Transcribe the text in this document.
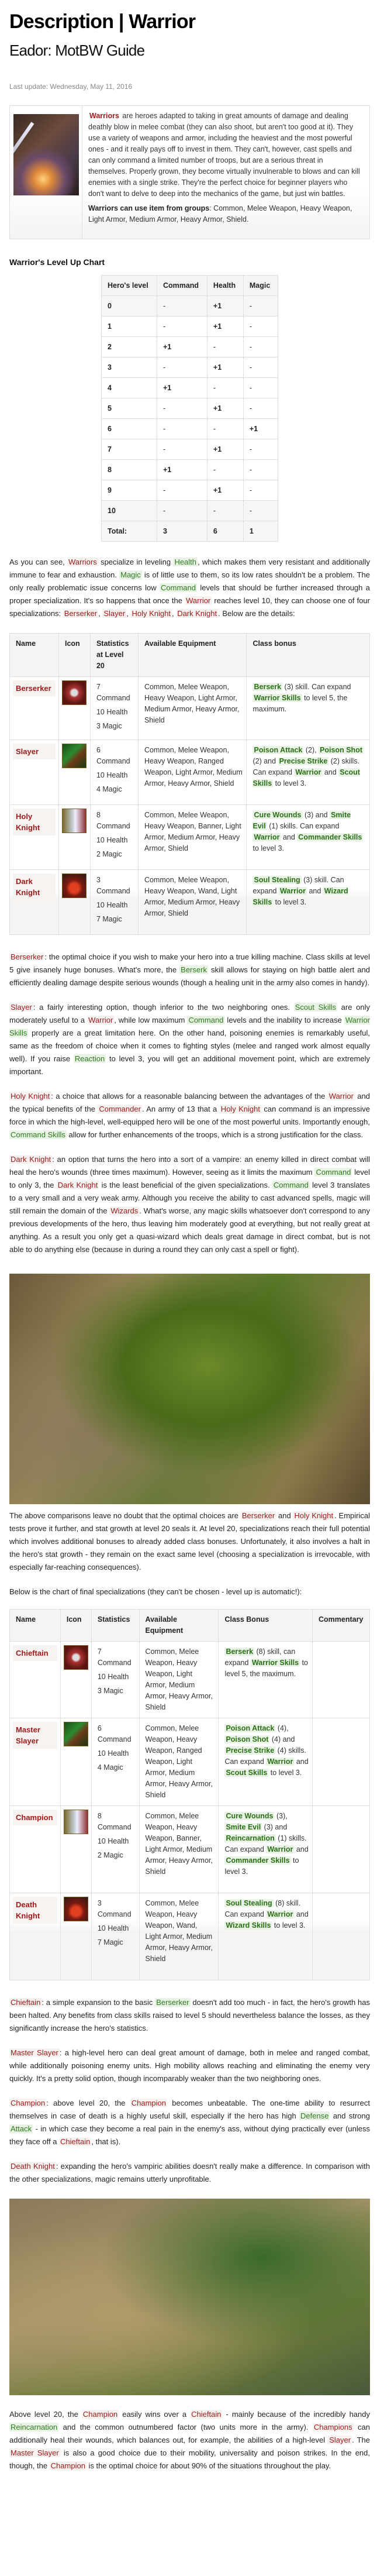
Description | Warrior
Eador: MotBW Guide
Last update: Wednesday, May 11, 2016

Warriors are heroes adapted to taking in great amounts of damage and dealing deathly blow in melee combat (they can also shoot, but aren't too good at it). They use a variety of weapons and armor, including the heaviest and the most powerful ones - and it really pays off to invest in them. They can't, however, cast spells and can only command a limited number of troops, but are a serious threat in themselves. Properly grown, they become virtually invulnerable to blows and can kill enemies with a single strike. They're the perfect choice for beginner players who don't want to delve to deep into the mechanics of the game, but just win battles.

Warriors can use item from groups: Common, Melee Weapon, Heavy Weapon, Light Armor, Medium Armor, Heavy Armor, Shield.

Warrior's Level Up Chart
Hero's level	Command	Health	Magic
0	-	+1	-
1	-	+1	-
2	+1	-	-
3	-	+1	-
4	+1	-	-
5	-	+1	-
6	-	-	+1
7	-	+1	-
8	+1	-	-
9	-	+1	-
10	-	-	-
Total:	3	6	1

As you can see, Warriors specialize in leveling Health , which makes them very resistant and additionally immune to fear and exhaustion. Magic is of little use to them, so its low rates shouldn't be a problem. The only really problematic issue concerns low Command levels that should be further increased through a proper specialization. It's so happens that once the Warrior reaches level 10, they can choose one of four specializations: Berserker , Slayer , Holy Knight , Dark Knight . Below are the details:

Name	Icon	Statistics at Level 20	Available Equipment	Class bonus

Berserker		7 Command
10 Health
3 Magic	Common, Melee Weapon, Heavy Weapon, Light Armor, Medium Armor, Heavy Armor, Shield	Berserk (3) skill. Can expand Warrior Skills to level 5, the maximum.

Slayer		6 Command
10 Health
4 Magic	Common, Melee Weapon, Heavy Weapon, Ranged Weapon, Light Armor, Medium Armor, Heavy Armor, Shield	Poison Attack (2), Poison Shot (2) and Precise Strike (2) skills. Can expand Warrior and Scout Skills to level 3.

Holy Knight		8 Command
10 Health
2 Magic	Common, Melee Weapon, Heavy Weapon, Banner, Light Armor, Medium Armor, Heavy Armor, Shield	Cure Wounds (3) and Smite Evil (1) skills. Can expand Warrior and Commander Skills to level 3.

Dark Knight		3 Command
10 Health
7 Magic	Common, Melee Weapon, Heavy Weapon, Wand, Light Armor, Medium Armor, Heavy Armor, Shield	Soul Stealing (3) skill. Can expand Warrior and Wizard Skills to level 3.

Berserker : the optimal choice if you wish to make your hero into a true killing machine. Class skills at level 5 give insanely huge bonuses. What's more, the Berserk skill allows for staying on high battle alert and efficiently dealing damage despite serious wounds (though a healing unit in the army also comes in handy).

Slayer : a fairly interesting option, though inferior to the two neighboring ones. Scout Skills are only moderately useful to a Warrior , while low maximum Command levels and the inability to increase Warrior Skills properly are a great limitation here. On the other hand, poisoning enemies is remarkably useful, same as the freedom of choice when it comes to fighting styles (melee and ranged work almost equally well). If you raise Reaction to level 3, you will get an additional movement point, which are extremely important.

Holy Knight : a choice that allows for a reasonable balancing between the advantages of the Warrior and the typical benefits of the Commander . An army of 13 that a Holy Knight can command is an impressive force in which the high-level, well-equipped hero will be one of the most powerful units. Importantly enough, Command Skills allow for further enhancements of the troops, which is a strong justification for the class.

Dark Knight : an option that turns the hero into a sort of a vampire: an enemy killed in direct combat will heal the hero's wounds (three times maximum). However, seeing as it limits the maximum Command level to only 3, the Dark Knight is the least beneficial of the given specializations. Command level 3 translates to a very small and a very weak army. Although you receive the ability to cast advanced spells, magic will still remain the domain of the Wizards . What's worse, any magic skills whatsoever don't correspond to any previous developments of the hero, thus leaving him moderately good at everything, but not really great at anything. As a result you only get a quasi-wizard which deals great damage in direct combat, but is not able to do anything else (because in during a round they can only cast a spell or fight).

The above comparisons leave no doubt that the optimal choices are Berserker and Holy Knight . Empirical tests prove it further, and stat growth at level 20 seals it. At level 20, specializations reach their full potential which involves additional bonuses to already added class bonuses. Unfortunately, it also involves a halt in the hero's stat growth - they remain on the exact same level (choosing a specialization is irrevocable, with especially far-reaching consequences).

Below is the chart of final specializations (they can't be chosen - level up is automatic!):

Name	Icon	Statistics	Available Equipment	Class Bonus	Commentary

Chieftain		7 Command
10 Health
3 Magic	Common, Melee Weapon, Heavy Weapon, Light Armor, Medium Armor, Heavy Armor, Shield	Berserk (8) skill, can expand Warrior Skills to level 5, the maximum.	

Master Slayer		6 Command
10 Health
4 Magic	Common, Melee Weapon, Heavy Weapon, Ranged Weapon, Light Armor, Medium Armor, Heavy Armor, Shield	Poison Attack (4), Poison Shot (4) and Precise Strike (4) skills. Can expand Warrior and Scout Skills to level 3.	

Champion		8 Command
10 Health
2 Magic	Common, Melee Weapon, Heavy Weapon, Banner, Light Armor, Medium Armor, Heavy Armor, Shield	Cure Wounds (3), Smite Evil (3) and Reincarnation (1) skills. Can expand Warrior and Commander Skills to level 3.	

Death Knight		3 Command
10 Health
7 Magic	Common, Melee Weapon, Heavy Weapon, Wand, Light Armor, Medium Armor, Heavy Armor, Shield	Soul Stealing (8) skill. Can expand Warrior and Wizard Skills to level 3.	

Chieftain : a simple expansion to the basic Berserker doesn't add too much - in fact, the hero's growth has been halted. Any benefits from class skills raised to level 5 should nevertheless balance the losses, as they significantly increase the hero's statistics.

Master Slayer : a high-level hero can deal great amount of damage, both in melee and ranged combat, while additionally poisoning enemy units. High mobility allows reaching and eliminating the enemy very quickly. It's a pretty solid option, though incomparably weaker than the two neighboring ones.

Champion : above level 20, the Champion becomes unbeatable. The one-time ability to resurrect themselves in case of death is a highly useful skill, especially if the hero has high Defense and strong Attack - in which case they become a real pain in the enemy's ass, without dying practically ever (unless they face off a Chieftain , that is).

Death Knight : expanding the hero's vampiric abilities doesn't really make a difference. In comparison with the other specializations, magic remains utterly unprofitable.

Above level 20, the Champion easily wins over a Chieftain - mainly because of the incredibly handy Reincarnation and the common outnumbered factor (two units more in the army). Champions can additionally heal their wounds, which balances out, for example, the abilities of a high-level Slayer . The Master Slayer is also a good choice due to their mobility, universality and poison strikes. In the end, though, the Champion is the optimal choice for about 90% of the situations throughout the play.
